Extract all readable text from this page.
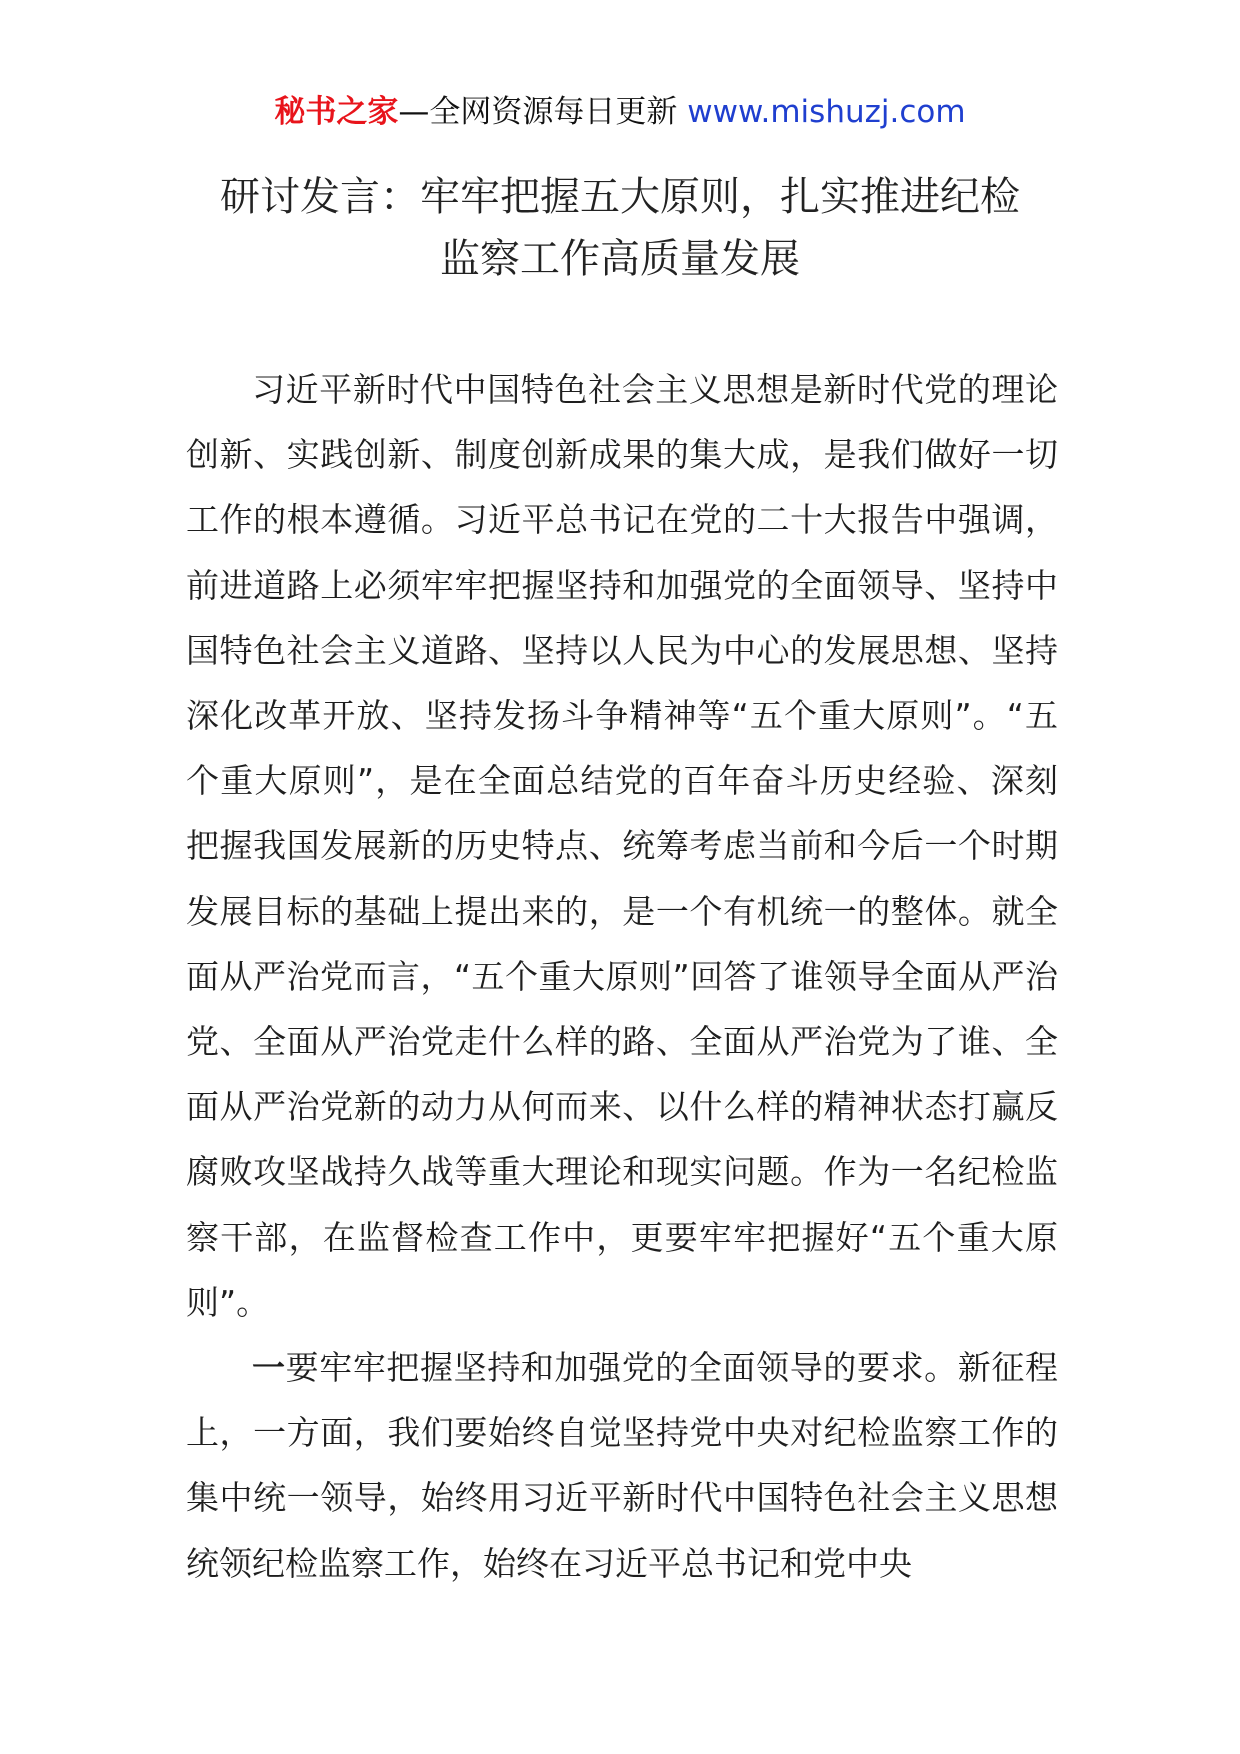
秘书之家—全网资源每日更新 www.mishuzj.com
研讨发言：牢牢把握五大原则，扎实推进纪检
监察工作高质量发展

习近平新时代中国特色社会主义思想是新时代党的理论创新、实践创新、制度创新成果的集大成，是我们做好一切工作的根本遵循。习近平总书记在党的二十大报告中强调，前进道路上必须牢牢把握坚持和加强党的全面领导、坚持中国特色社会主义道路、坚持以人民为中心的发展思想、坚持深化改革开放、坚持发扬斗争精神等“五个重大原则”。“五个重大原则”，是在全面总结党的百年奋斗历史经验、深刻把握我国发展新的历史特点、统筹考虑当前和今后一个时期发展目标的基础上提出来的，是一个有机统一的整体。就全面从严治党而言，“五个重大原则”回答了谁领导全面从严治党、全面从严治党走什么样的路、全面从严治党为了谁、全面从严治党新的动力从何而来、以什么样的精神状态打赢反腐败攻坚战持久战等重大理论和现实问题。作为一名纪检监察干部，在监督检查工作中，更要牢牢把握好“五个重大原则”。

一要牢牢把握坚持和加强党的全面领导的要求。新征程上，一方面，我们要始终自觉坚持党中央对纪检监察工作的集中统一领导，始终用习近平新时代中国特色社会主义思想统领纪检监察工作，始终在习近平总书记和党中央
